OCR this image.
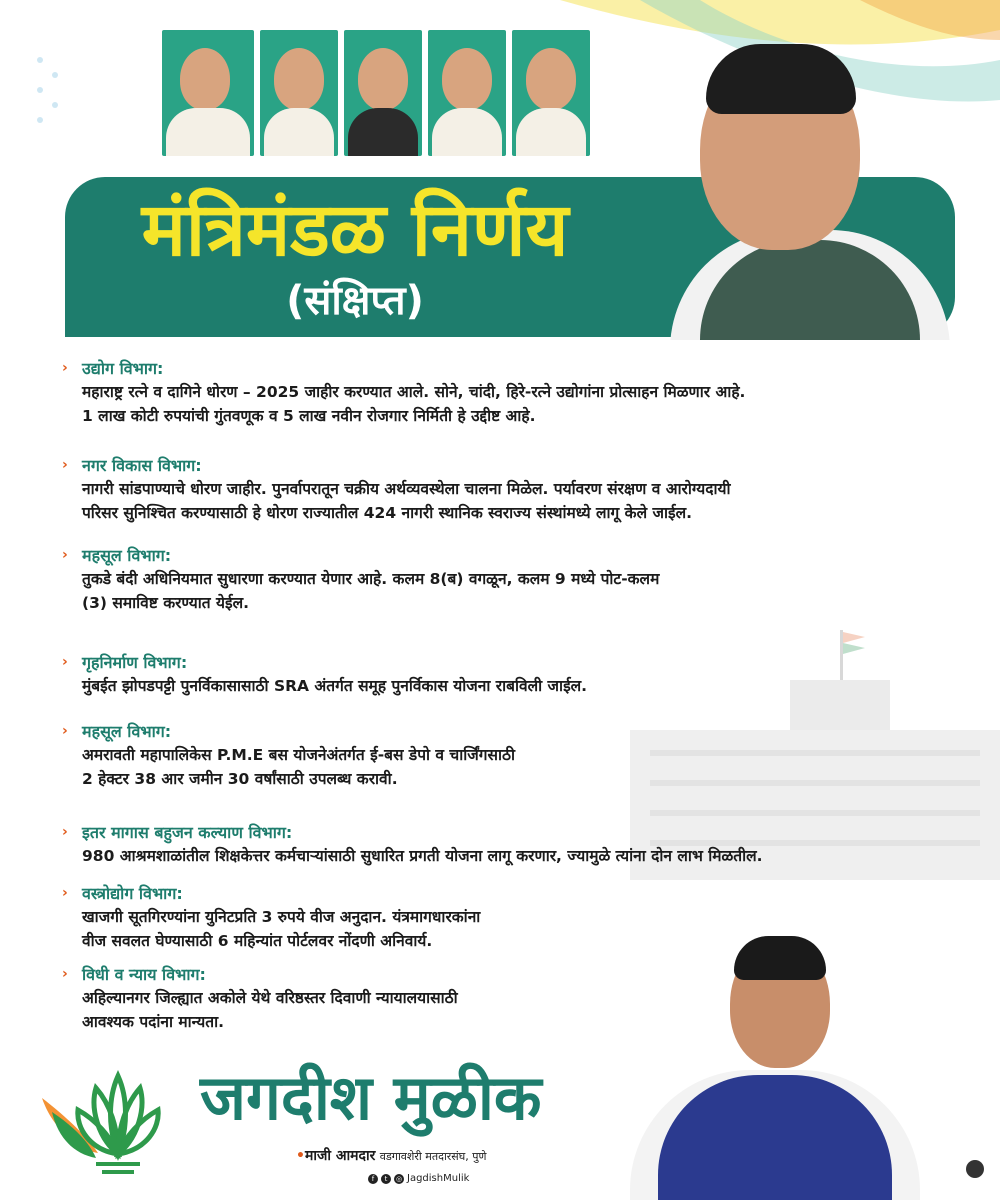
मंत्रिमंडळ निर्णय
(संक्षिप्त)
› उद्योग विभाग:
महाराष्ट्र रत्ने व दागिने धोरण – 2025 जाहीर करण्यात आले. सोने, चांदी, हिरे-रत्ने उद्योगांना प्रोत्साहन मिळणार आहे.
1 लाख कोटी रुपयांची गुंतवणूक व 5 लाख नवीन रोजगार निर्मिती हे उद्दीष्ट आहे.
› नगर विकास विभाग:
नागरी सांडपाण्याचे धोरण जाहीर. पुनर्वापरातून चक्रीय अर्थव्यवस्थेला चालना मिळेल. पर्यावरण संरक्षण व आरोग्यदायी
परिसर सुनिश्चित करण्यासाठी हे धोरण राज्यातील 424 नागरी स्थानिक स्वराज्य संस्थांमध्ये लागू केले जाईल.
› महसूल विभाग:
तुकडे बंदी अधिनियमात सुधारणा करण्यात येणार आहे. कलम 8(ब) वगळून, कलम 9 मध्ये पोट-कलम
(3) समाविष्ट करण्यात येईल.
› गृहनिर्माण विभाग:
मुंबईत झोपडपट्टी पुनर्विकासासाठी SRA अंतर्गत समूह पुनर्विकास योजना राबविली जाईल.
› महसूल विभाग:
अमरावती महापालिकेस P.M.E बस योजनेअंतर्गत ई-बस डेपो व चार्जिंगसाठी
2 हेक्टर 38 आर जमीन 30 वर्षांसाठी उपलब्ध करावी.
› इतर मागास बहुजन कल्याण विभाग:
980 आश्रमशाळांतील शिक्षकेत्तर कर्मचाऱ्यांसाठी सुधारित प्रगती योजना लागू करणार, ज्यामुळे त्यांना दोन लाभ मिळतील.
› वस्त्रोद्योग विभाग:
खाजगी सूतगिरण्यांना युनिटप्रति 3 रुपये वीज अनुदान. यंत्रमागधारकांना
वीज सवलत घेण्यासाठी 6 महिन्यांत पोर्टलवर नोंदणी अनिवार्य.
› विधी व न्याय विभाग:
अहिल्यानगर जिल्ह्यात अकोले येथे वरिष्ठस्तर दिवाणी न्यायालयासाठी
आवश्यक पदांना मान्यता.
जगदीश मुळीक
•माजी आमदार वडगावशेरी मतदारसंघ, पुणे
f	t	◎ JagdishMulik
